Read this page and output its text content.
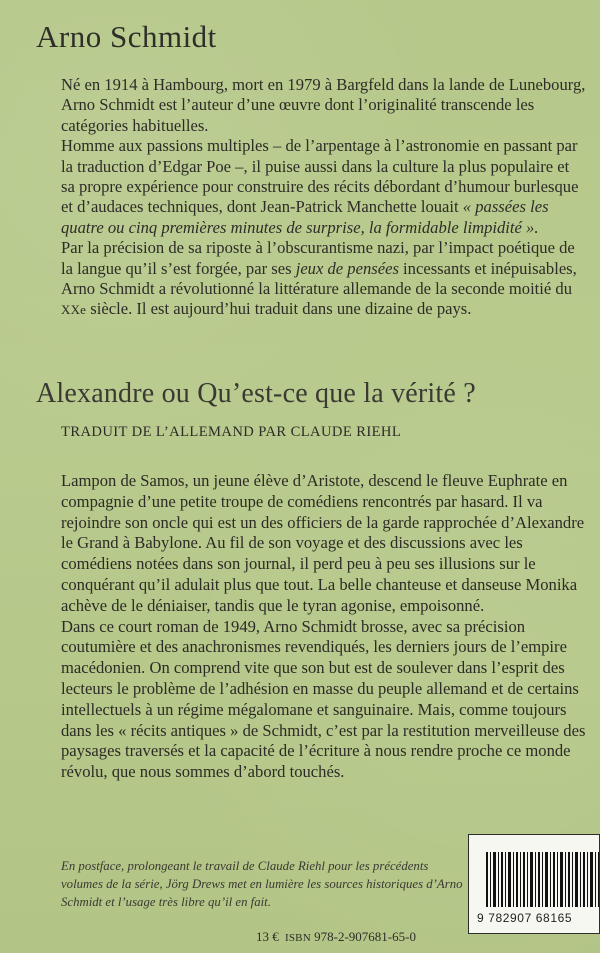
Arno Schmidt

Né en 1914 à Hambourg, mort en 1979 à Bargfeld dans la lande de Lunebourg, Arno Schmidt est l’auteur d’une œuvre dont l’originalité transcende les catégories habituelles.

Homme aux passions multiples – de l’arpentage à l’astronomie en passant par la traduction d’Edgar Poe –, il puise aussi dans la culture la plus populaire et sa propre expérience pour construire des récits débordant d’humour burlesque et d’audaces techniques, dont Jean-Patrick Manchette louait « passées les quatre ou cinq premières minutes de surprise, la formidable limpidité ».

Par la précision de sa riposte à l’obscurantisme nazi, par l’impact poétique de la langue qu’il s’est forgée, par ses jeux de pensées incessants et inépuisables, Arno Schmidt a révolutionné la littérature allemande de la seconde moitié du XXe siècle. Il est aujourd’hui traduit dans une dizaine de pays.

Alexandre ou Qu’est-ce que la vérité ?
TRADUIT DE L’ALLEMAND PAR CLAUDE RIEHL

Lampon de Samos, un jeune élève d’Aristote, descend le fleuve Euphrate en compagnie d’une petite troupe de comédiens rencontrés par hasard. Il va rejoindre son oncle qui est un des officiers de la garde rapprochée d’Alexandre le Grand à Babylone. Au fil de son voyage et des discussions avec les comédiens notées dans son journal, il perd peu à peu ses illusions sur le conquérant qu’il adulait plus que tout. La belle chanteuse et danseuse Monika achève de le déniaiser, tandis que le tyran agonise, empoisonné.

Dans ce court roman de 1949, Arno Schmidt brosse, avec sa précision coutumière et des anachronismes revendiqués, les derniers jours de l’empire macédonien. On comprend vite que son but est de soulever dans l’esprit des lecteurs le problème de l’adhésion en masse du peuple allemand et de certains intellectuels à un régime mégalomane et sanguinaire. Mais, comme toujours dans les « récits antiques » de Schmidt, c’est par la restitution merveilleuse des paysages traversés et la capacité de l’écriture à nous rendre proche ce monde révolu, que nous sommes d’abord touchés.

En postface, prolongeant le travail de Claude Riehl pour les précédents volumes de la série, Jörg Drews met en lumière les sources historiques d’Arno Schmidt et l’usage très libre qu’il en fait.
13 € ISBN 978-2-907681-65-0
9 782907 68165
